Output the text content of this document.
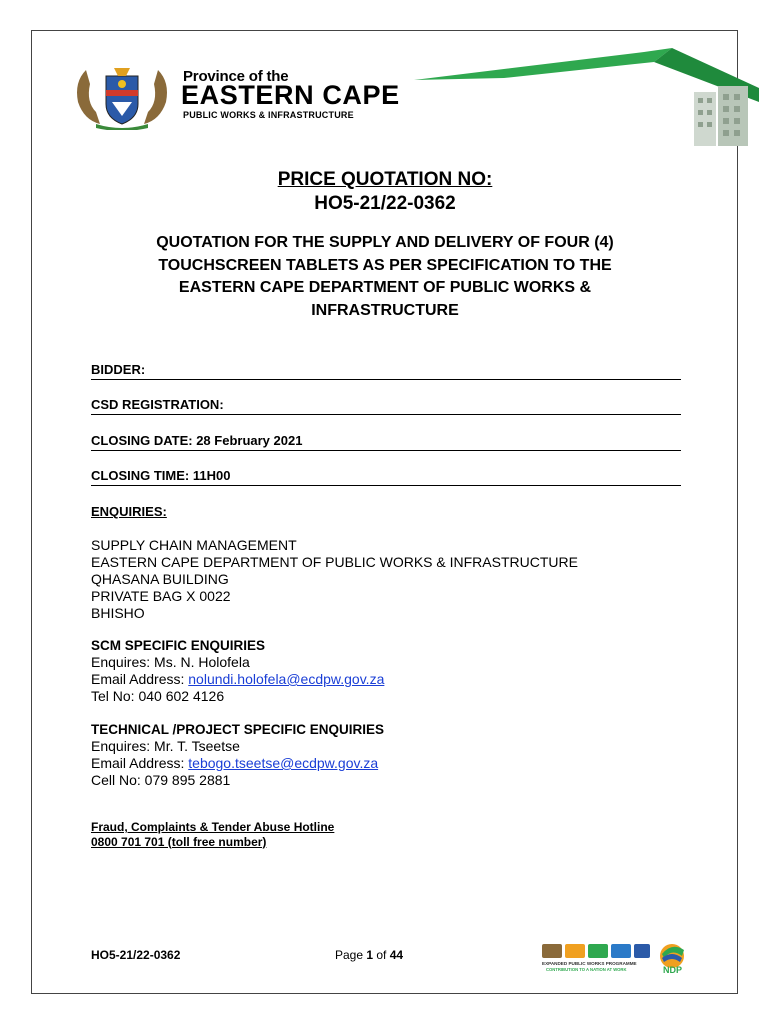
Province of the
EASTERN CAPE
PUBLIC WORKS & INFRASTRUCTURE
PRICE QUOTATION NO:
HO5-21/22-0362
QUOTATION FOR THE SUPPLY AND DELIVERY OF FOUR (4)
TOUCHSCREEN TABLETS AS PER SPECIFICATION TO THE
EASTERN CAPE DEPARTMENT OF PUBLIC WORKS &
INFRASTRUCTURE
BIDDER:
CSD REGISTRATION:
CLOSING DATE: 28 February 2021
CLOSING TIME: 11H00
ENQUIRIES:
SUPPLY CHAIN MANAGEMENT
EASTERN CAPE DEPARTMENT OF PUBLIC WORKS & INFRASTRUCTURE
QHASANA BUILDING
PRIVATE BAG X 0022
BHISHO
SCM SPECIFIC ENQUIRIES
Enquires: Ms. N. Holofela
Email Address: nolundi.holofela@ecdpw.gov.za
Tel No: 040 602 4126
TECHNICAL /PROJECT SPECIFIC ENQUIRIES
Enquires: Mr. T. Tseetse
Email Address: tebogo.tseetse@ecdpw.gov.za
Cell No: 079 895 2881
Fraud, Complaints & Tender Abuse Hotline
0800 701 701 (toll free number)
HO5-21/22-0362	Page 1 of 44
EXPANDED PUBLIC WORKS PROGRAMME
CONTRIBUTION TO A NATION AT WORK	NDP
